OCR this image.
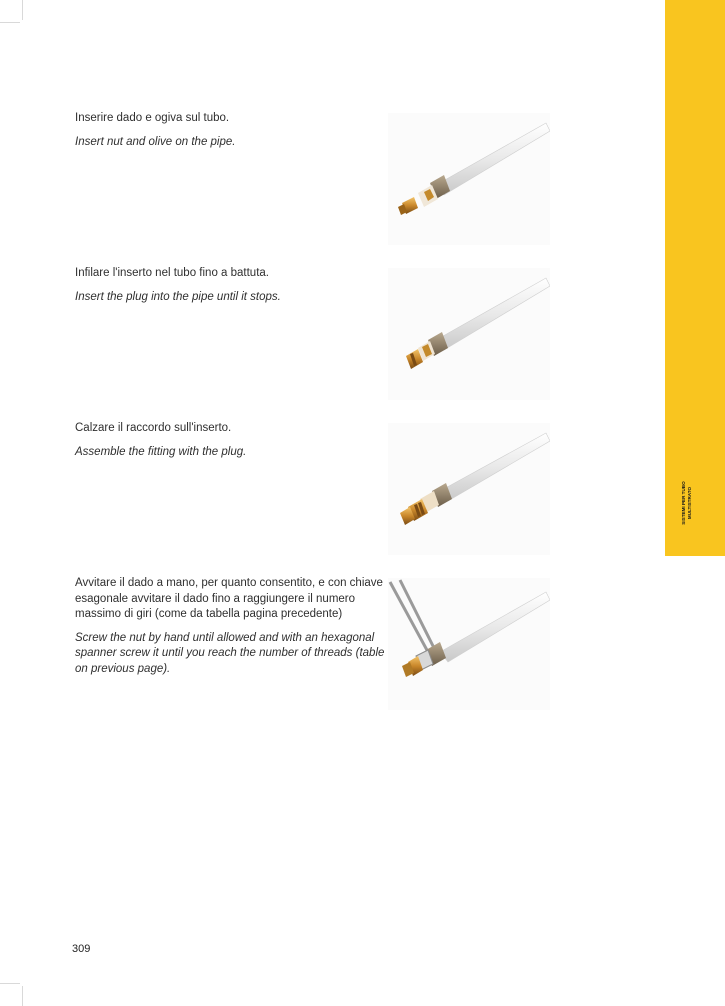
SISTEMI PER TUBO MULTISTRATO

Inserire dado e ogiva sul tubo.

Insert nut and olive on the pipe.

Infilare l'inserto nel tubo fino a battuta.

Insert the plug into the pipe until it stops.

Calzare il raccordo sull'inserto.

Assemble the fitting with the plug.

Avvitare il dado a mano, per quanto consentito, e con chiave esagonale avvitare il dado fino a raggiungere il numero massimo di giri (come da tabella pagina precedente)

Screw the nut by hand until allowed and with an hexagonal spanner screw it until you reach the number of threads (table on previous page).

309
